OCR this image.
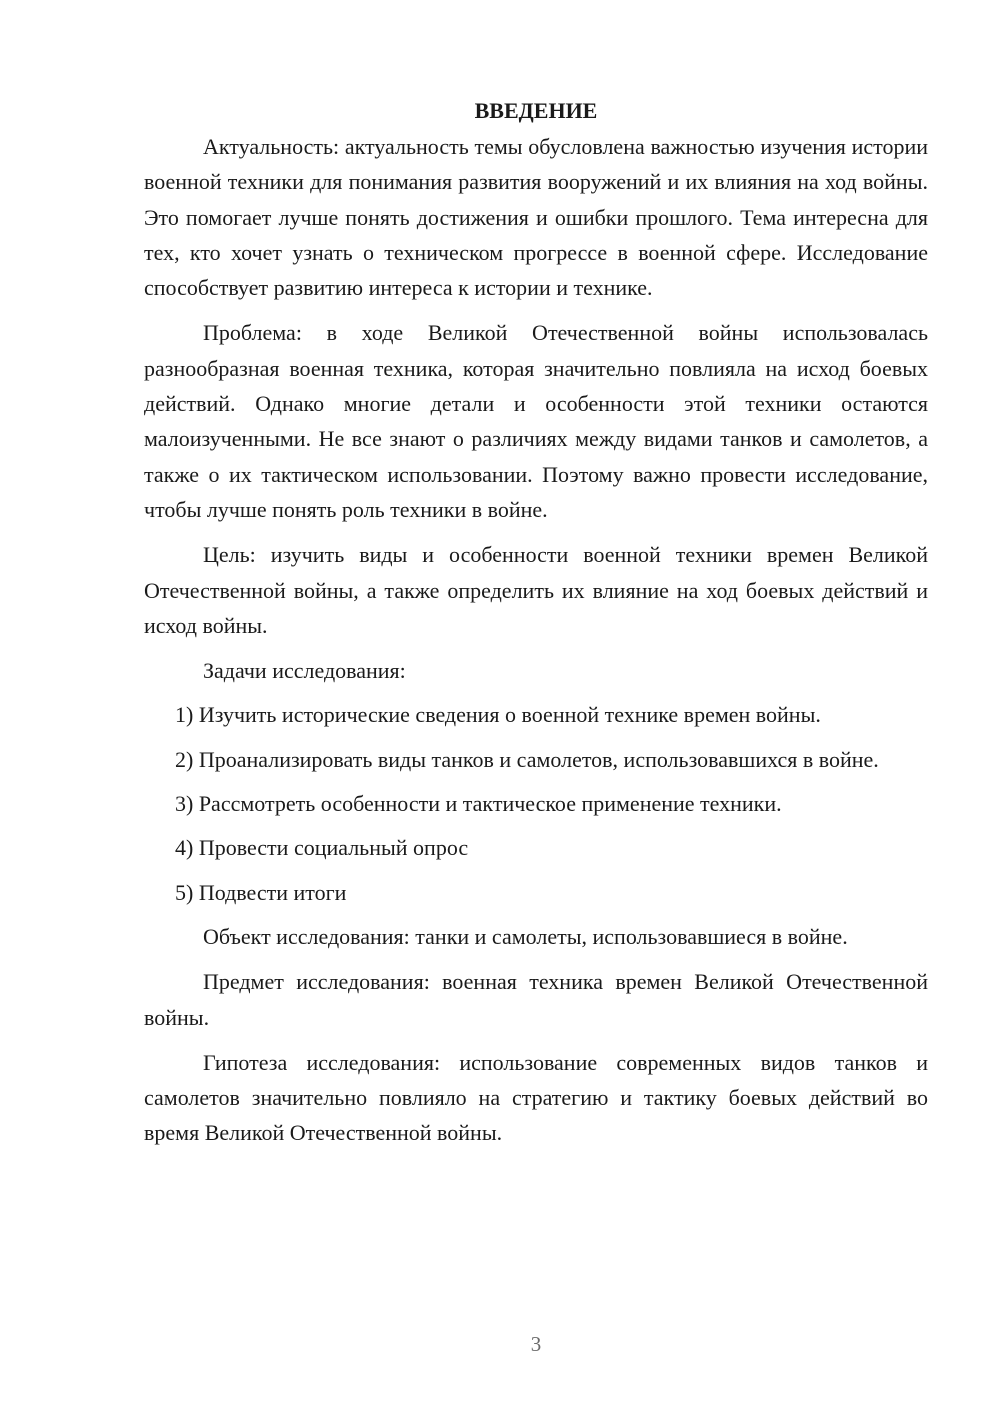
ВВЕДЕНИЕ

Актуальность: актуальность темы обусловлена важностью изучения истории военной техники для понимания развития вооружений и их влияния на ход войны. Это помогает лучше понять достижения и ошибки прошлого. Тема интересна для тех, кто хочет узнать о техническом прогрессе в военной сфере. Исследование способствует развитию интереса к истории и технике.

Проблема: в ходе Великой Отечественной войны использовалась разнообразная военная техника, которая значительно повлияла на исход боевых действий. Однако многие детали и особенности этой техники остаются малоизученными. Не все знают о различиях между видами танков и самолетов, а также о их тактическом использовании. Поэтому важно провести исследование, чтобы лучше понять роль техники в войне.

Цель: изучить виды и особенности военной техники времен Великой Отечественной войны, а также определить их влияние на ход боевых действий и исход войны.

Задачи исследования:

1) Изучить исторические сведения о военной технике времен войны.

2) Проанализировать виды танков и самолетов, использовавшихся в войне.

3) Рассмотреть особенности и тактическое применение техники.

4) Провести социальный опрос

5) Подвести итоги

Объект исследования: танки и самолеты, использовавшиеся в войне.

Предмет исследования: военная техника времен Великой Отечественной войны.

Гипотеза исследования: использование современных видов танков и самолетов значительно повлияло на стратегию и тактику боевых действий во время Великой Отечественной войны.

3
